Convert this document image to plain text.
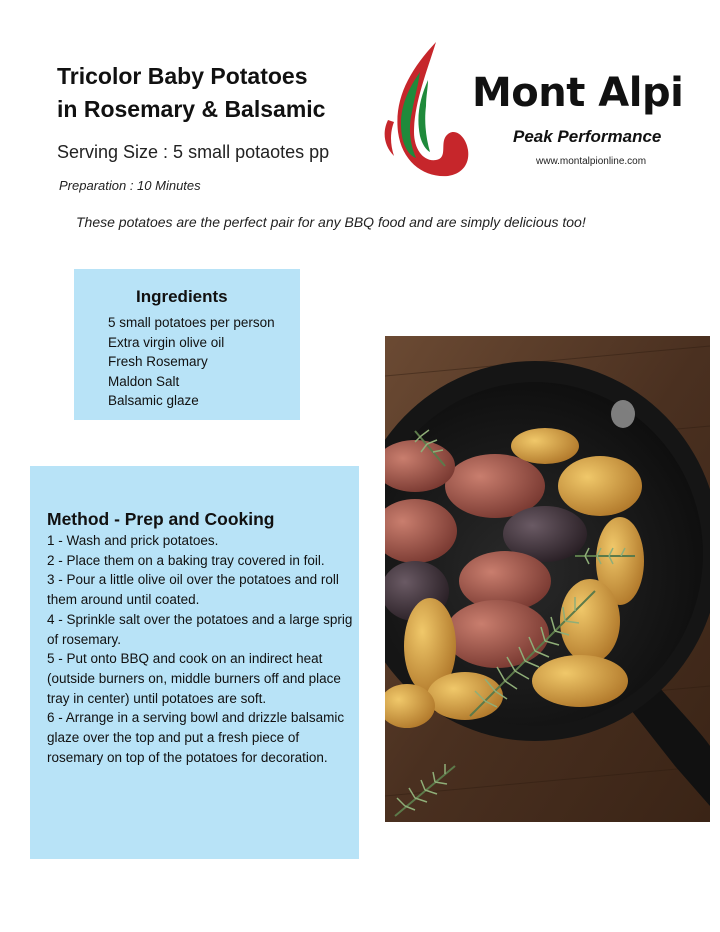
Tricolor Baby Potatoes
in Rosemary & Balsamic
Serving Size : 5 small potaotes pp
Preparation : 10 Minutes
These potatoes are the perfect pair for any BBQ food and are simply delicious too!
Mont Alpi
Peak Performance
www.montalpionline.com
Ingredients
5 small potatoes per person
Extra virgin olive oil
Fresh Rosemary
Maldon Salt
Balsamic glaze
Method - Prep and Cooking
1 - Wash and prick potatoes.
2 - Place them on a baking tray covered in foil.
3 - Pour a little olive oil over the potatoes and roll them around until coated.
4 - Sprinkle salt over the potatoes and a large sprig of rosemary.
5 - Put onto BBQ and cook on an indirect heat (outside burners on, middle burners off and place tray in center) until potatoes are soft.
6 - Arrange in a serving bowl and drizzle balsamic glaze over the top and put a fresh piece of rosemary on top of the potatoes for decoration.
